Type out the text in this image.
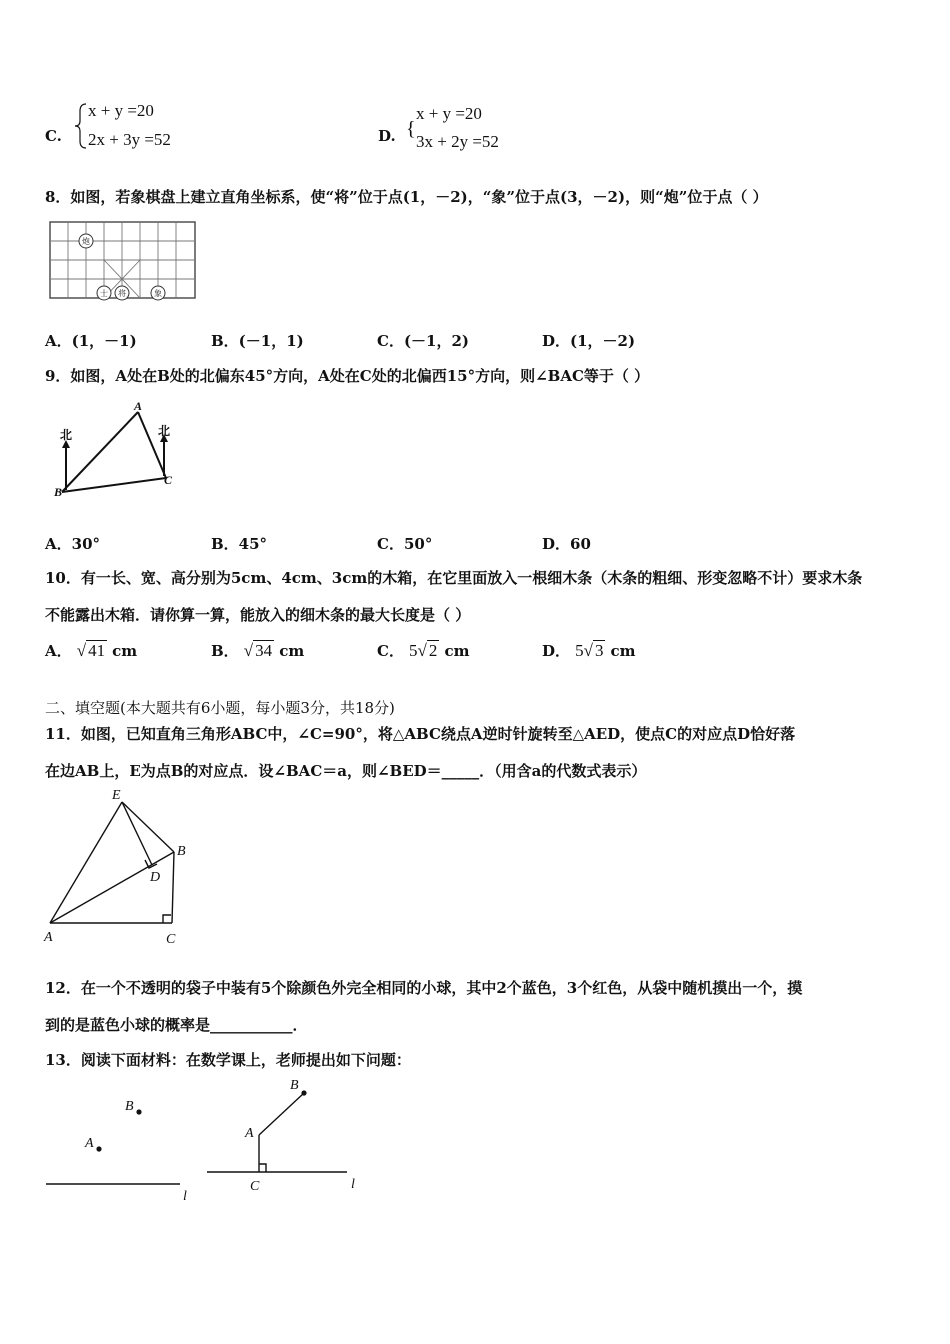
C.
x + y =20
2x + 3y =52	D. {
x + y =20
3x + 2y =52
8．如图，若象棋盘上建立直角坐标系，使“将”位于点(1，－2)，“象”位于点(3，－2)，则“炮”位于点（ ）
炮
士 将	象
A．(1，－1)	B．(－1，1)	C．(－1，2)	D．(1，－2)
9．如图，A处在B处的北偏东45°方向，A处在C处的北偏西15°方向，则∠BAC等于（ ）
北	北
A
B
C
A．30°	B．45°	C．50°	D．60
10．有一长、宽、高分别为5cm、4cm、3cm的木箱，在它里面放入一根细木条（木条的粗细、形变忽略不计）要求木条
不能露出木箱．请你算一算，能放入的细木条的最大长度是（ ）
A． √ 41 cm	B． √ 34 cm	C． 5√ 2 cm	D． 5√ 3 cm
二、填空题(本大题共有6小题，每小题3分，共18分)
11．如图，已知直角三角形ABC中，∠C=90°，将△ABC绕点A逆时针旋转至△AED，使点C的对应点D恰好落
在边AB上，E为点B的对应点．设∠BAC＝a，则∠BED＝_____．（用含a的代数式表示）
E
B
D
A	C
12．在一个不透明的袋子中装有5个除颜色外完全相同的小球，其中2个蓝色，3个红色，从袋中随机摸出一个，摸
到的是蓝色小球的概率是___________．
13．阅读下面材料：在数学课上，老师提出如下问题：
B
A
l
B
A
C	l
